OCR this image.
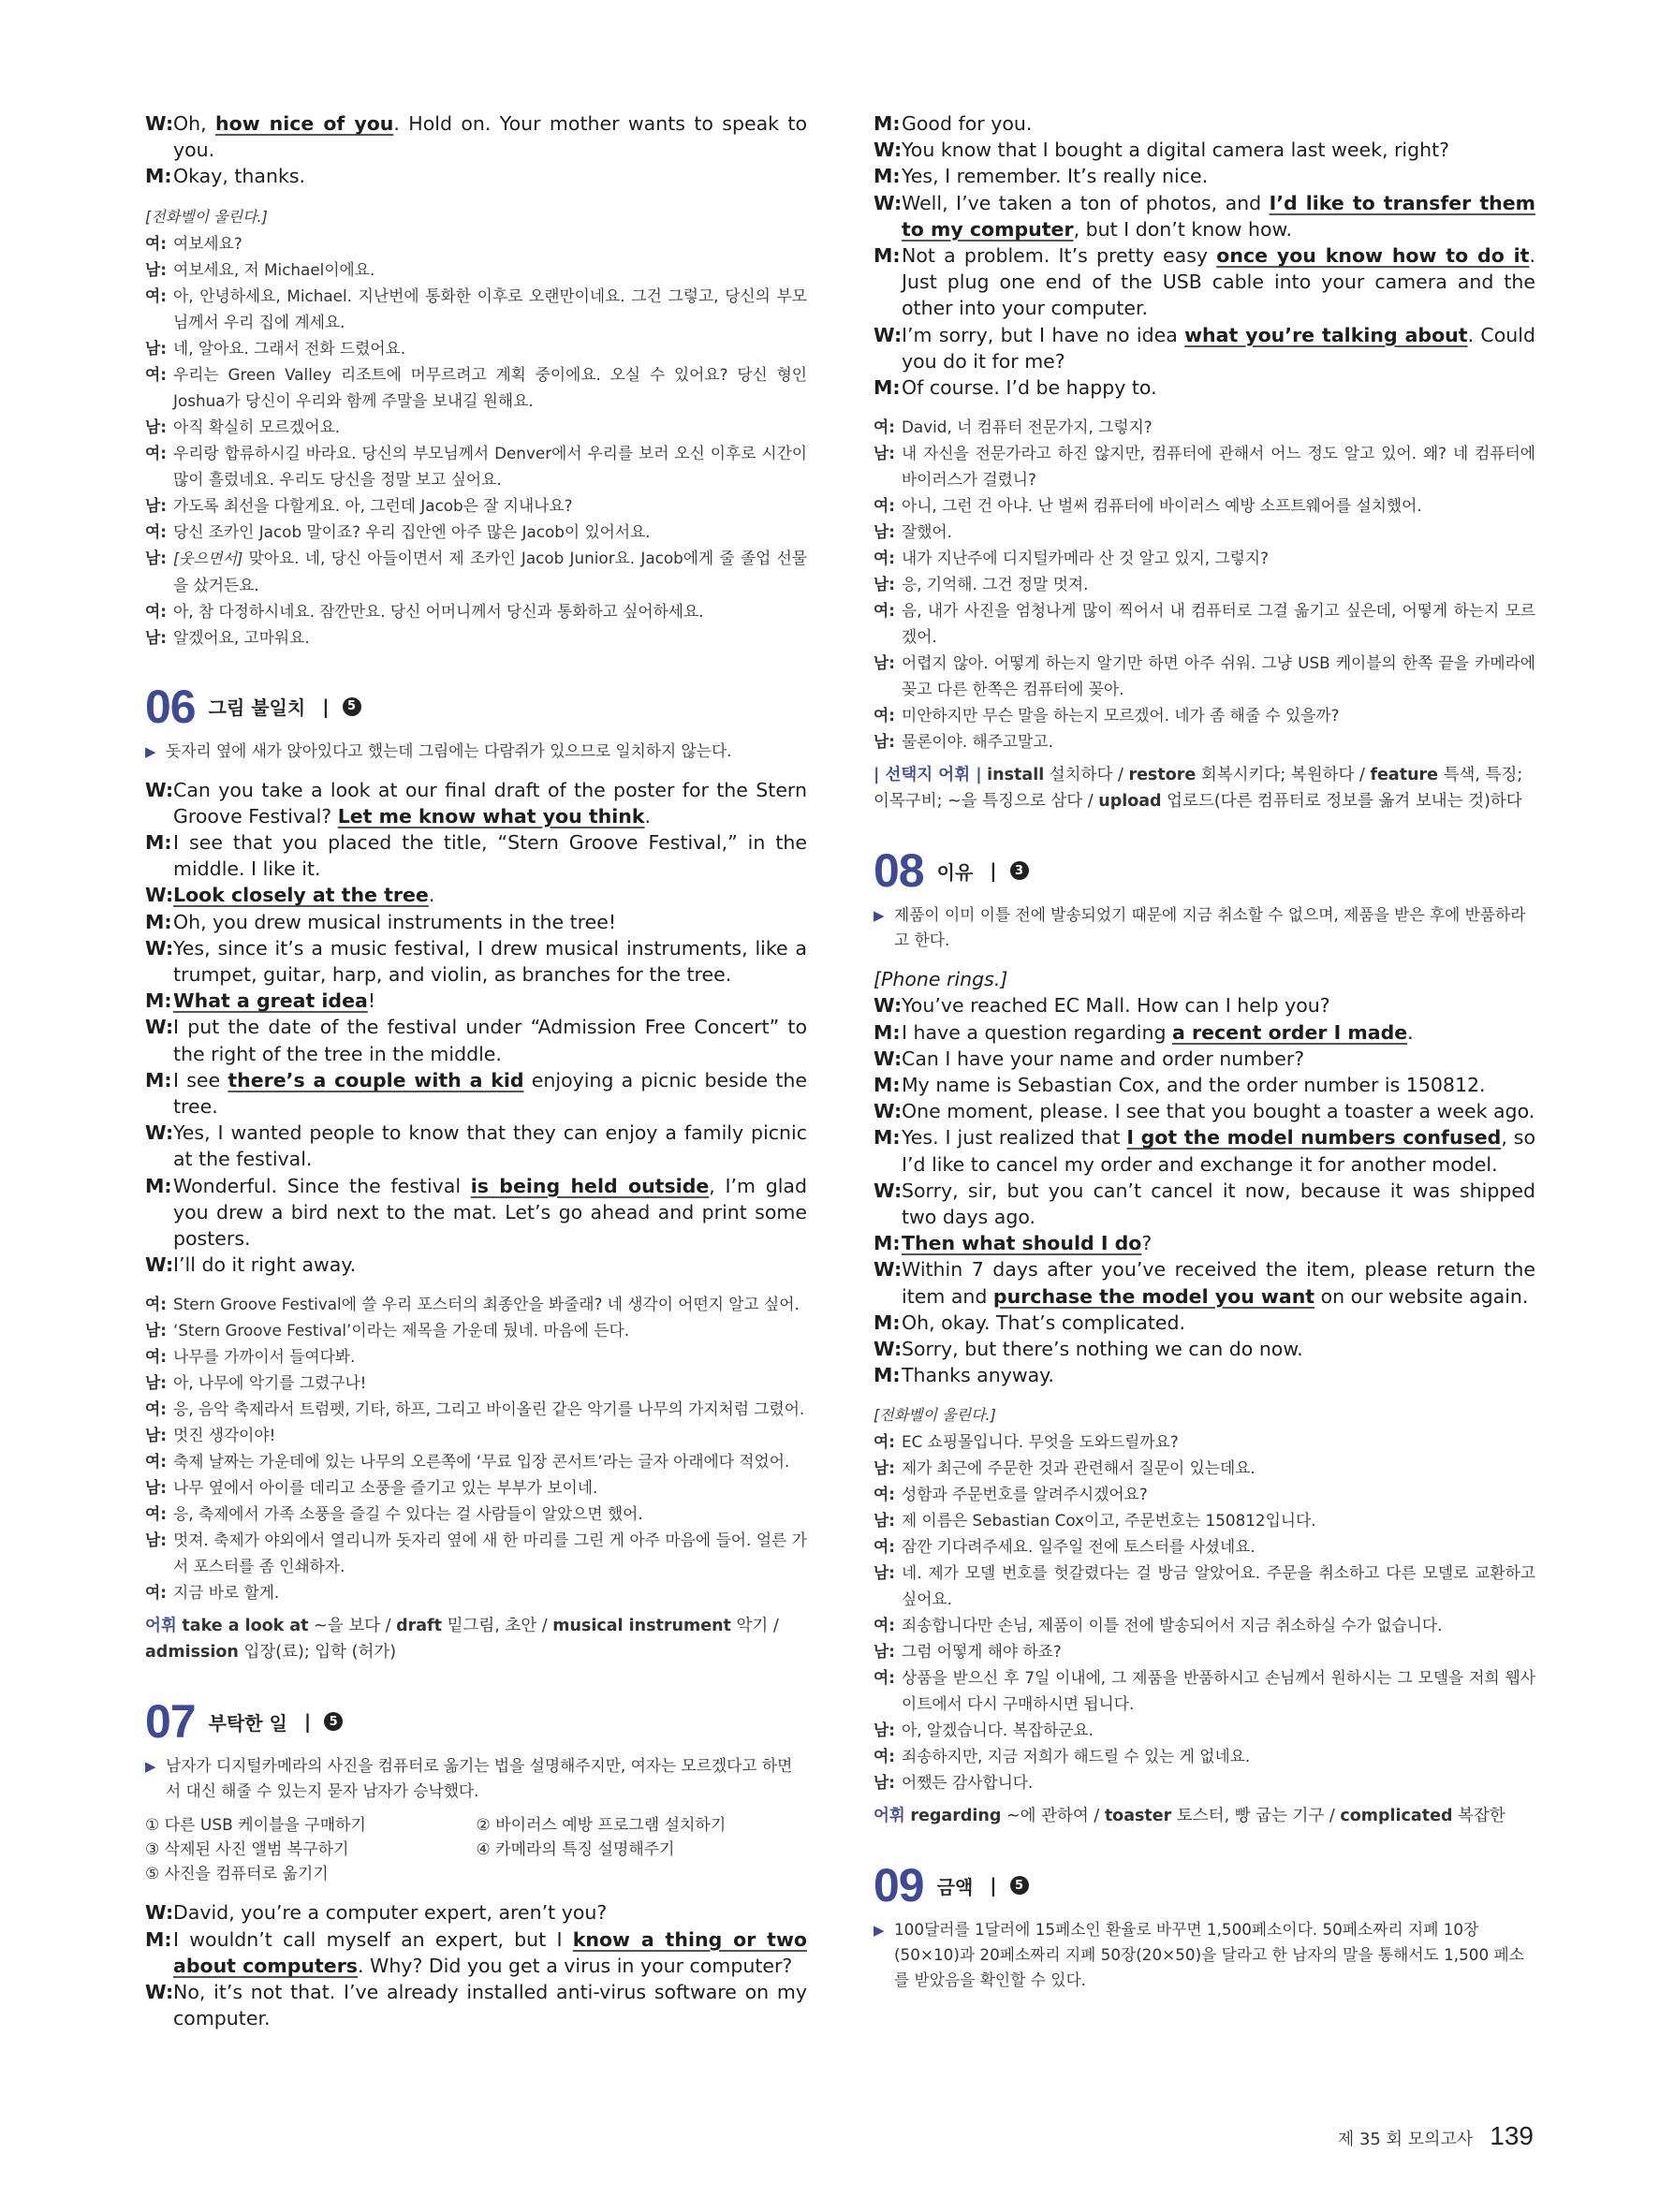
W: Oh, how nice of you. Hold on. Your mother wants to speak to you.
M: Okay, thanks.
[전화벨이 울린다.]
여: 여보세요?
남: 여보세요, 저 Michael이에요.
여: 아, 안녕하세요, Michael. 지난번에 통화한 이후로 오랜만이네요. 그건 그렇고, 당신의 부모님께서 우리 집에 계세요.
남: 네, 알아요. 그래서 전화 드렸어요.
여: 우리는 Green Valley 리조트에 머무르려고 계획 중이에요. 오실 수 있어요? 당신 형인 Joshua가 당신이 우리와 함께 주말을 보내길 원해요.
남: 아직 확실히 모르겠어요.
여: 우리랑 합류하시길 바라요. 당신의 부모님께서 Denver에서 우리를 보러 오신 이후로 시간이 많이 흘렀네요. 우리도 당신을 정말 보고 싶어요.
남: 가도록 최선을 다할게요. 아, 그런데 Jacob은 잘 지내나요?
여: 당신 조카인 Jacob 말이죠? 우리 집안엔 아주 많은 Jacob이 있어서요.
남: [웃으면서] 맞아요. 네, 당신 아들이면서 제 조카인 Jacob Junior요. Jacob에게 줄 졸업 선물을 샀거든요.
여: 아, 참 다정하시네요. 잠깐만요. 당신 어머니께서 당신과 통화하고 싶어하세요.
남: 알겠어요, 고마워요.
06 그림 불일치 |	5
▶ 돗자리 옆에 새가 앉아있다고 했는데 그림에는 다람쥐가 있으므로 일치하지 않는다.
W: Can you take a look at our final draft of the poster for the Stern Groove Festival? Let me know what you think.
M: I see that you placed the title, “Stern Groove Festival,” in the middle. I like it.
W: Look closely at the tree.
M: Oh, you drew musical instruments in the tree!
W: Yes, since it’s a music festival, I drew musical instruments, like a trumpet, guitar, harp, and violin, as branches for the tree.
M: What a great idea!
W: I put the date of the festival under “Admission Free Concert” to the right of the tree in the middle.
M: I see there’s a couple with a kid enjoying a picnic beside the tree.
W: Yes, I wanted people to know that they can enjoy a family picnic at the festival.
M: Wonderful. Since the festival is being held outside, I’m glad you drew a bird next to the mat. Let’s go ahead and print some posters.
W: I’ll do it right away.
여: Stern Groove Festival에 쓸 우리 포스터의 최종안을 봐줄래? 네 생각이 어떤지 알고 싶어.
남: ‘Stern Groove Festival’이라는 제목을 가운데 뒀네. 마음에 든다.
여: 나무를 가까이서 들여다봐.
남: 아, 나무에 악기를 그렸구나!
여: 응, 음악 축제라서 트럼펫, 기타, 하프, 그리고 바이올린 같은 악기를 나무의 가지처럼 그렸어.
남: 멋진 생각이야!
여: 축제 날짜는 가운데에 있는 나무의 오른쪽에 ‘무료 입장 콘서트’라는 글자 아래에다 적었어.
남: 나무 옆에서 아이를 데리고 소풍을 즐기고 있는 부부가 보이네.
여: 응, 축제에서 가족 소풍을 즐길 수 있다는 걸 사람들이 알았으면 했어.
남: 멋져. 축제가 야외에서 열리니까 돗자리 옆에 새 한 마리를 그린 게 아주 마음에 들어. 얼른 가서 포스터를 좀 인쇄하자.
여: 지금 바로 할게.
어휘 take a look at ~을 보다 / draft 밑그림, 초안 / musical instrument 악기 / admission 입장(료); 입학 (허가)
07 부탁한 일 |	5
▶ 남자가 디지털카메라의 사진을 컴퓨터로 옮기는 법을 설명해주지만, 여자는 모르겠다고 하면서 대신 해줄 수 있는지 묻자 남자가 승낙했다.
① 다른 USB 케이블을 구매하기	② 바이러스 예방 프로그램 설치하기
③ 삭제된 사진 앨범 복구하기	④ 카메라의 특징 설명해주기
⑤ 사진을 컴퓨터로 옮기기
W: David, you’re a computer expert, aren’t you?
M: I wouldn’t call myself an expert, but I know a thing or two about computers. Why? Did you get a virus in your computer?
W: No, it’s not that. I’ve already installed anti-virus software on my computer.
M: Good for you.
W: You know that I bought a digital camera last week, right?
M: Yes, I remember. It’s really nice.
W: Well, I’ve taken a ton of photos, and I’d like to transfer them to my computer, but I don’t know how.
M: Not a problem. It’s pretty easy once you know how to do it. Just plug one end of the USB cable into your camera and the other into your computer.
W: I’m sorry, but I have no idea what you’re talking about. Could you do it for me?
M: Of course. I’d be happy to.
여: David, 너 컴퓨터 전문가지, 그렇지?
남: 내 자신을 전문가라고 하진 않지만, 컴퓨터에 관해서 어느 정도 알고 있어. 왜? 네 컴퓨터에 바이러스가 걸렸니?
여: 아니, 그런 건 아냐. 난 벌써 컴퓨터에 바이러스 예방 소프트웨어를 설치했어.
남: 잘했어.
여: 내가 지난주에 디지털카메라 산 것 알고 있지, 그렇지?
남: 응, 기억해. 그건 정말 멋져.
여: 음, 내가 사진을 엄청나게 많이 찍어서 내 컴퓨터로 그걸 옮기고 싶은데, 어떻게 하는지 모르겠어.
남: 어렵지 않아. 어떻게 하는지 알기만 하면 아주 쉬워. 그냥 USB 케이블의 한쪽 끝을 카메라에 꽂고 다른 한쪽은 컴퓨터에 꽂아.
여: 미안하지만 무슨 말을 하는지 모르겠어. 네가 좀 해줄 수 있을까?
남: 물론이야. 해주고말고.
| 선택지 어휘 | install 설치하다 / restore 회복시키다; 복원하다 / feature 특색, 특징; 이목구비; ~을 특징으로 삼다 / upload 업로드(다른 컴퓨터로 정보를 옮겨 보내는 것)하다
08 이유 |	3
▶ 제품이 이미 이틀 전에 발송되었기 때문에 지금 취소할 수 없으며, 제품을 받은 후에 반품하라고 한다.
[Phone rings.]
W: You’ve reached EC Mall. How can I help you?
M: I have a question regarding a recent order I made.
W: Can I have your name and order number?
M: My name is Sebastian Cox, and the order number is 150812.
W: One moment, please. I see that you bought a toaster a week ago.
M: Yes. I just realized that I got the model numbers confused, so I’d like to cancel my order and exchange it for another model.
W: Sorry, sir, but you can’t cancel it now, because it was shipped two days ago.
M: Then what should I do?
W: Within 7 days after you’ve received the item, please return the item and purchase the model you want on our website again.
M: Oh, okay. That’s complicated.
W: Sorry, but there’s nothing we can do now.
M: Thanks anyway.
[전화벨이 울린다.]
여: EC 쇼핑몰입니다. 무엇을 도와드릴까요?
남: 제가 최근에 주문한 것과 관련해서 질문이 있는데요.
여: 성함과 주문번호를 알려주시겠어요?
남: 제 이름은 Sebastian Cox이고, 주문번호는 150812입니다.
여: 잠깐 기다려주세요. 일주일 전에 토스터를 사셨네요.
남: 네. 제가 모델 번호를 헛갈렸다는 걸 방금 알았어요. 주문을 취소하고 다른 모델로 교환하고 싶어요.
여: 죄송합니다만 손님, 제품이 이틀 전에 발송되어서 지금 취소하실 수가 없습니다.
남: 그럼 어떻게 해야 하죠?
여: 상품을 받으신 후 7일 이내에, 그 제품을 반품하시고 손님께서 원하시는 그 모델을 저희 웹사이트에서 다시 구매하시면 됩니다.
남: 아, 알겠습니다. 복잡하군요.
여: 죄송하지만, 지금 저희가 해드릴 수 있는 게 없네요.
남: 어쨌든 감사합니다.
어휘 regarding ~에 관하여 / toaster 토스터, 빵 굽는 기구 / complicated 복잡한
09 금액 |	5
▶ 100달러를 1달러에 15페소인 환율로 바꾸면 1,500페소이다. 50페소짜리 지폐 10장(50×10)과 20페소짜리 지폐 50장(20×50)을 달라고 한 남자의 말을 통해서도 1,500 페소를 받았음을 확인할 수 있다.
제 35 회 모의고사 139
